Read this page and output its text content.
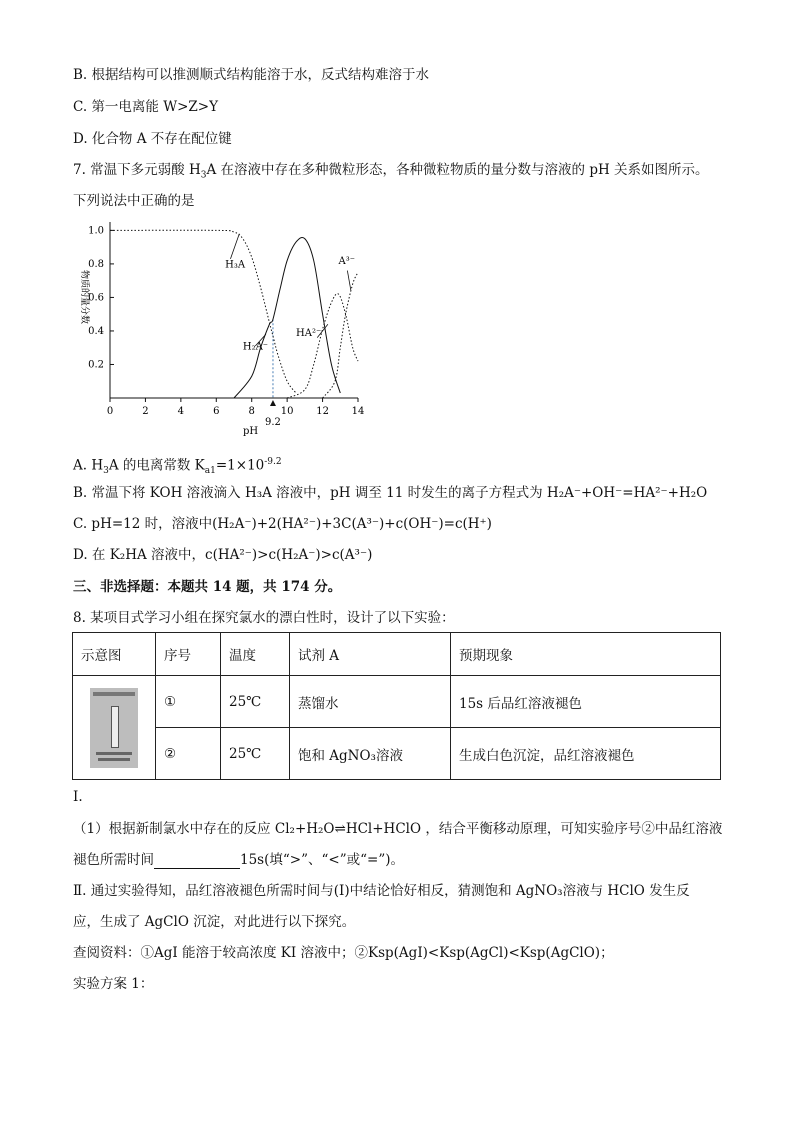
B. 根据结构可以推测顺式结构能溶于水，反式结构难溶于水
C. 第一电离能 W>Z>Y
D. 化合物 A 不存在配位键
7. 常温下多元弱酸 $H_3A$ 在溶液中存在多种微粒形态，各种微粒物质的量分数与溶液的 pH 关系如图所示。
下列说法中正确的是
0	2	4	6	8	10 12 14
0.2
0.4
0.6
0.8
1.0
pH
物质的量分数
9.2
H₃A
H₂A⁻
HA²⁻
A³⁻
A. $H_3A$ 的电离常数 $K_{a1}=1\times 10^{-9.2}$
B. 常温下将 KOH 溶液滴入 H₃A 溶液中，pH 调至 11 时发生的离子方程式为 H₂A⁻+OH⁻=HA²⁻+H₂O
C. pH=12 时，溶液中(H₂A⁻)+2(HA²⁻)+3C(A³⁻)+c(OH⁻)=c(H⁺)
D. 在 K₂HA 溶液中，c(HA²⁻)>c(H₂A⁻)>c(A³⁻)
三、非选择题：本题共 14 题，共 174 分。
8. 某项目式学习小组在探究氯水的漂白性时，设计了以下实验：
示意图	序号	温度	试剂 A	预期现象

	①	25℃	蒸馏水	15s 后品红溶液褪色
	②	25℃	饱和 AgNO₃溶液	生成白色沉淀，品红溶液褪色
Ⅰ.
（1）根据新制氯水中存在的反应 Cl₂+H₂O⇌HCl+HClO ，结合平衡移动原理，可知实验序号②中品红溶液
褪色所需时间	15s(填“>”、“<”或“=”)。
Ⅱ. 通过实验得知，品红溶液褪色所需时间与(Ⅰ)中结论恰好相反，猜测饱和 AgNO₃溶液与 HClO 发生反
应，生成了 AgClO 沉淀，对此进行以下探究。
查阅资料：①AgI 能溶于较高浓度 KI 溶液中；②Ksp(AgI)<Ksp(AgCl)<Ksp(AgClO)；
实验方案 1：
